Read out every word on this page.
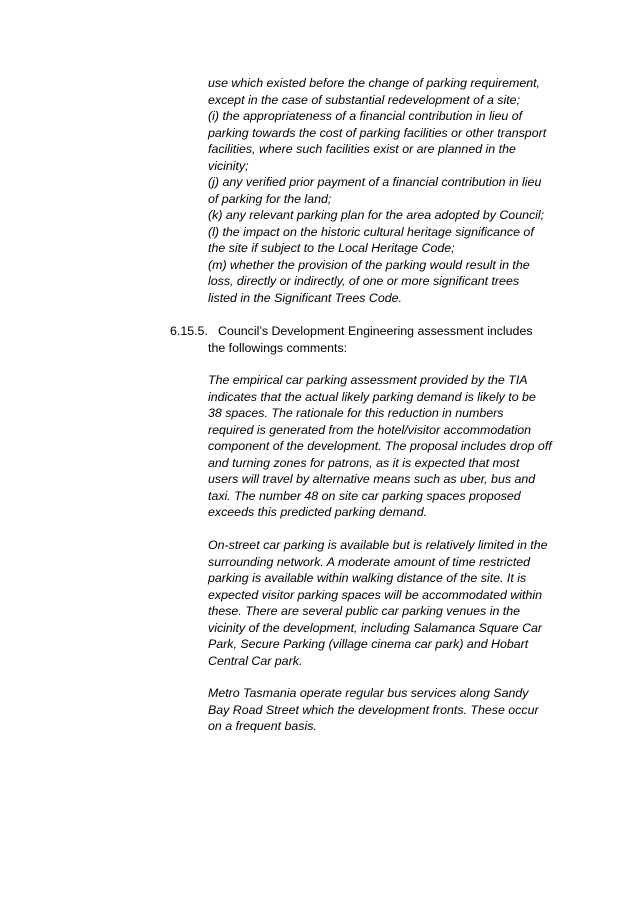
use which existed before the change of parking requirement,
except in the case of substantial redevelopment of a site;
(i) the appropriateness of a financial contribution in lieu of
parking towards the cost of parking facilities or other transport
facilities, where such facilities exist or are planned in the
vicinity;
(j) any verified prior payment of a financial contribution in lieu
of parking for the land;
(k) any relevant parking plan for the area adopted by Council;
(l) the impact on the historic cultural heritage significance of
the site if subject to the Local Heritage Code;
(m) whether the provision of the parking would result in the
loss, directly or indirectly, of one or more significant trees
listed in the Significant Trees Code.
6.15.5. Council’s Development Engineering assessment includes
the followings comments:
The empirical car parking assessment provided by the TIA
indicates that the actual likely parking demand is likely to be
38 spaces. The rationale for this reduction in numbers
required is generated from the hotel/visitor accommodation
component of the development. The proposal includes drop off
and turning zones for patrons, as it is expected that most
users will travel by alternative means such as uber, bus and
taxi. The number 48 on site car parking spaces proposed
exceeds this predicted parking demand.
On-street car parking is available but is relatively limited in the
surrounding network. A moderate amount of time restricted
parking is available within walking distance of the site. It is
expected visitor parking spaces will be accommodated within
these. There are several public car parking venues in the
vicinity of the development, including Salamanca Square Car
Park, Secure Parking (village cinema car park) and Hobart
Central Car park.
Metro Tasmania operate regular bus services along Sandy
Bay Road Street which the development fronts. These occur
on a frequent basis.
